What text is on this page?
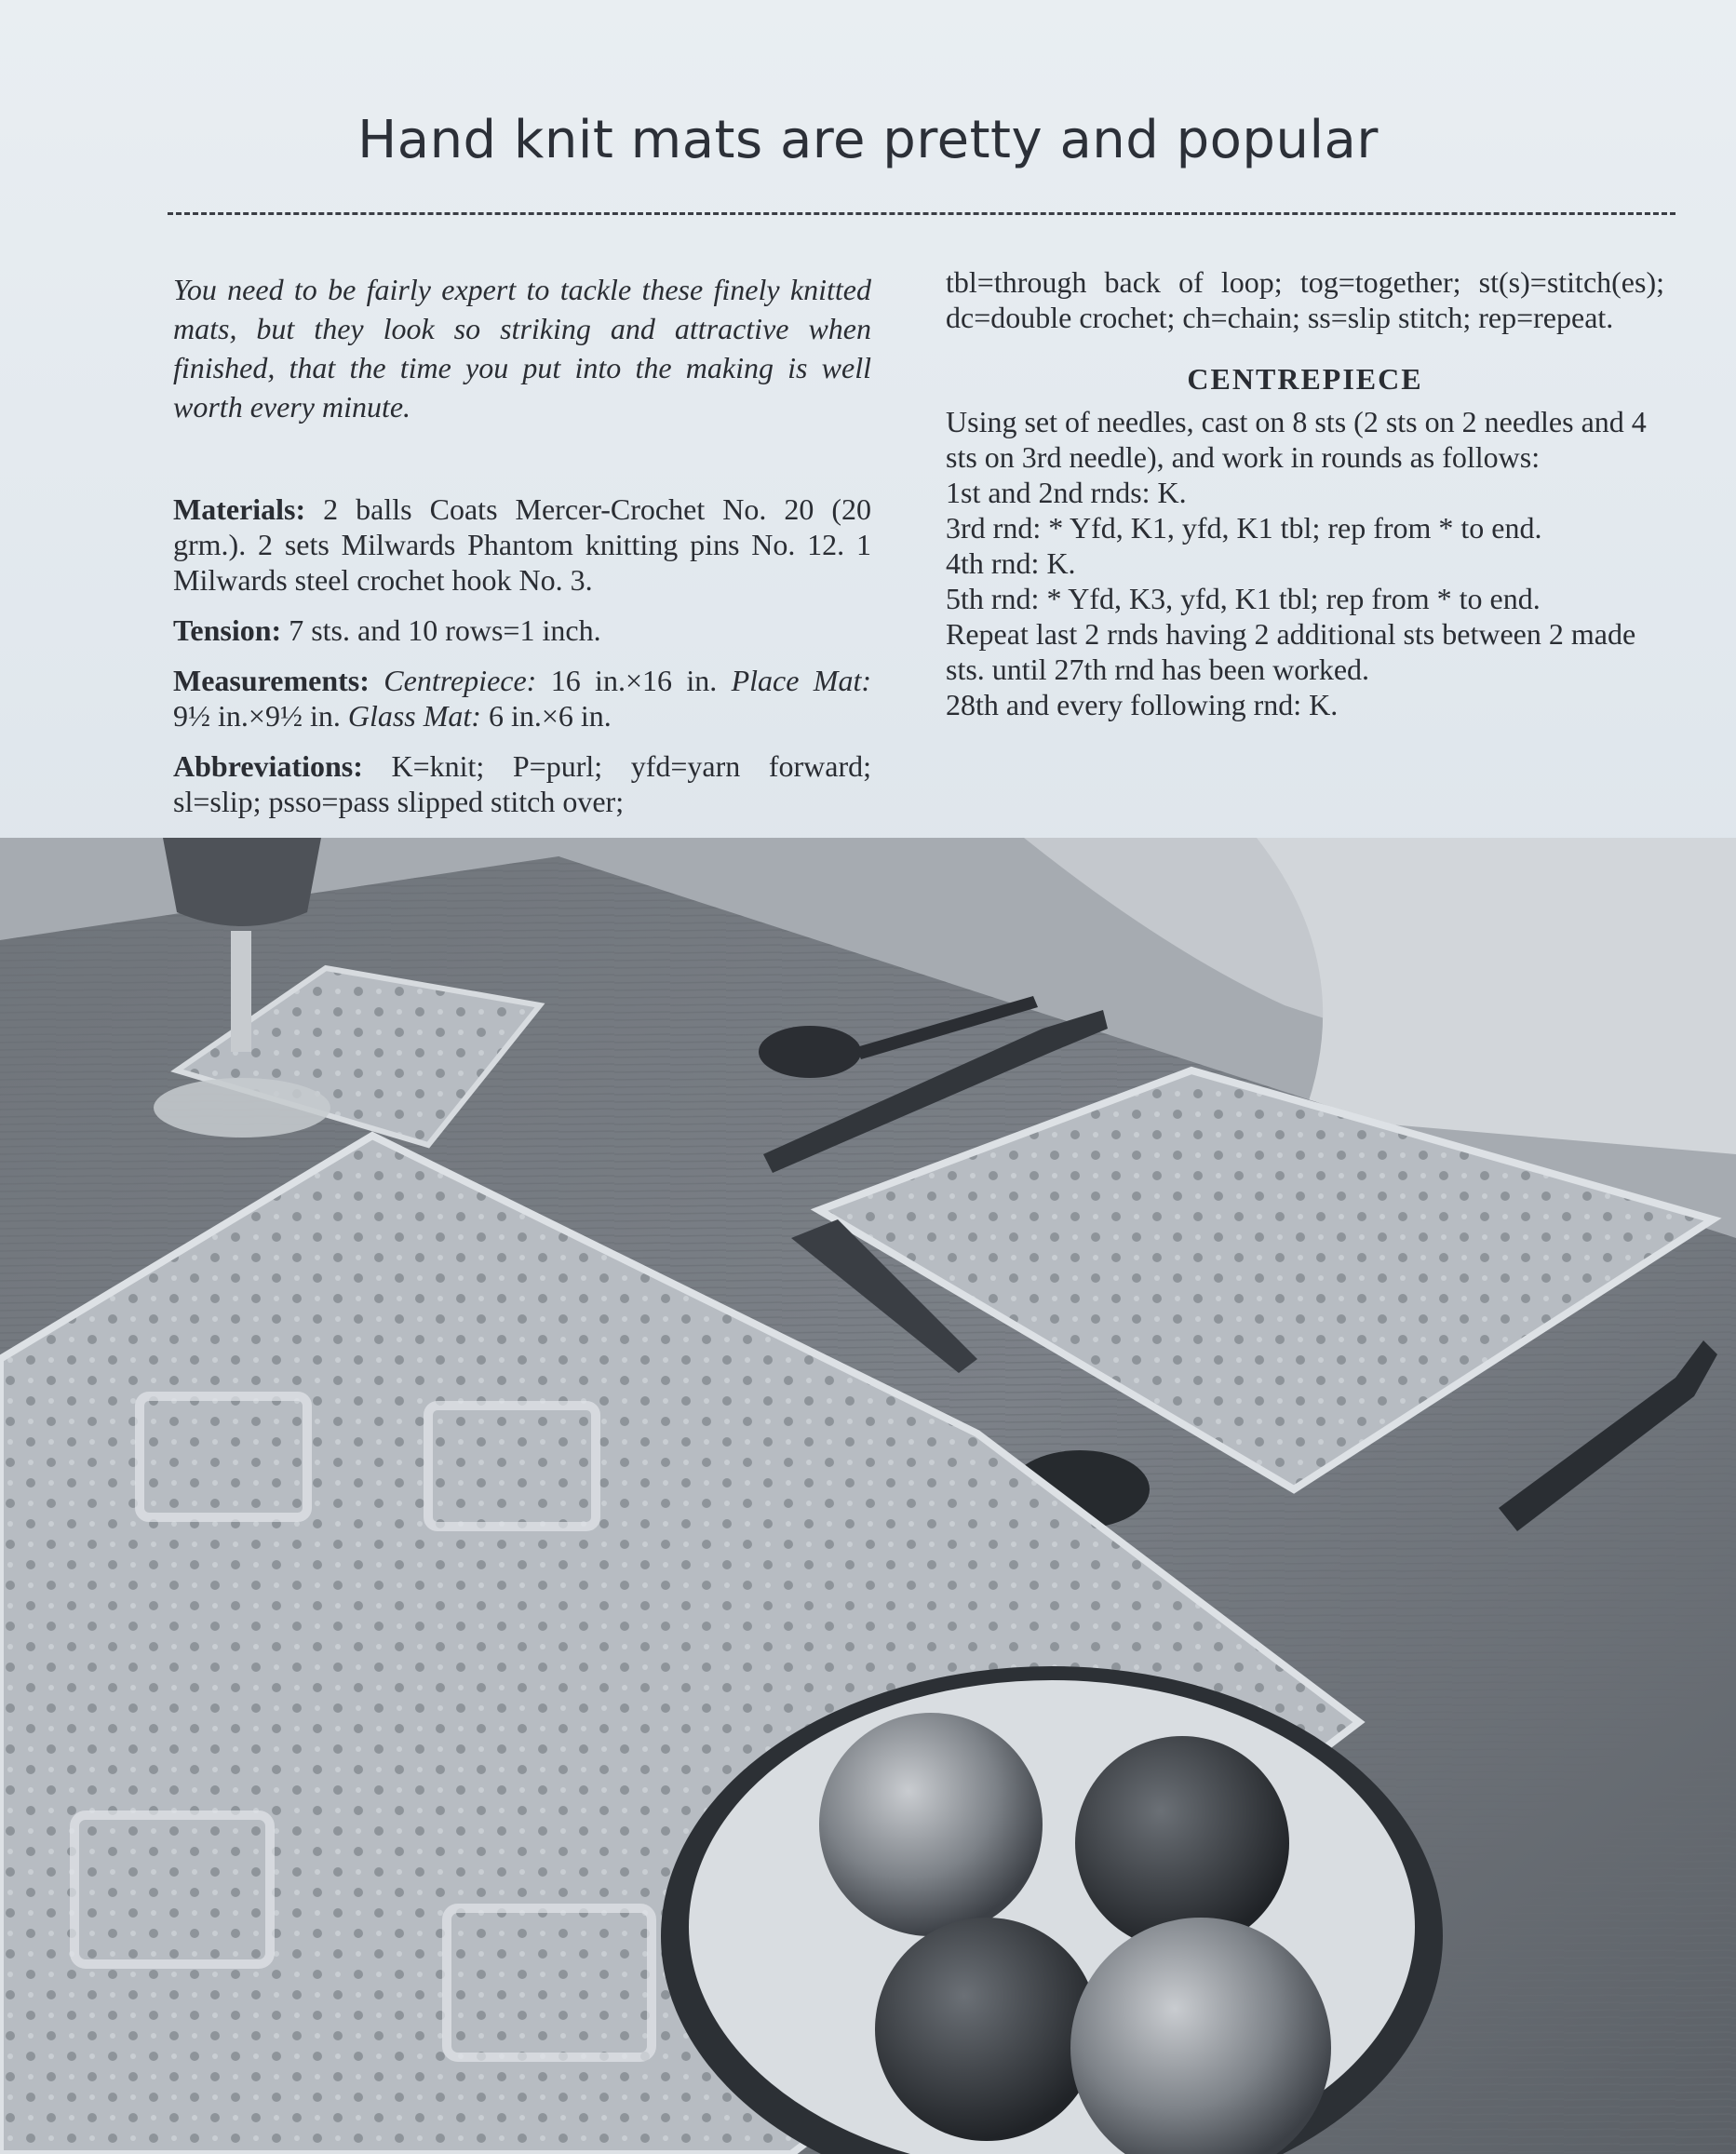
Hand knit mats are pretty and popular

You need to be fairly expert to tackle these finely knitted mats, but they look so striking and attractive when finished, that the time you put into the making is well worth every minute.

Materials: 2 balls Coats Mercer-Crochet No. 20 (20 grm.). 2 sets Milwards Phantom knitting pins No. 12. 1 Milwards steel crochet hook No. 3.

Tension: 7 sts. and 10 rows=1 inch.

Measurements: Centrepiece: 16 in.×16 in. Place Mat: 9½ in.×9½ in. Glass Mat: 6 in.×6 in.

Abbreviations: K=knit; P=purl; yfd=yarn forward; sl=slip; psso=pass slipped stitch over;

tbl=through back of loop; tog=together; st(s)=stitch(es); dc=double crochet; ch=chain; ss=slip stitch; rep=repeat.

CENTREPIECE

Using set of needles, cast on 8 sts (2 sts on 2 needles and 4 sts on 3rd needle), and work in rounds as follows:

1st and 2nd rnds: K.

3rd rnd: * Yfd, K1, yfd, K1 tbl; rep from * to end.

4th rnd: K.

5th rnd: * Yfd, K3, yfd, K1 tbl; rep from * to end.

Repeat last 2 rnds having 2 additional sts between 2 made sts. until 27th rnd has been worked.

28th and every following rnd: K.
